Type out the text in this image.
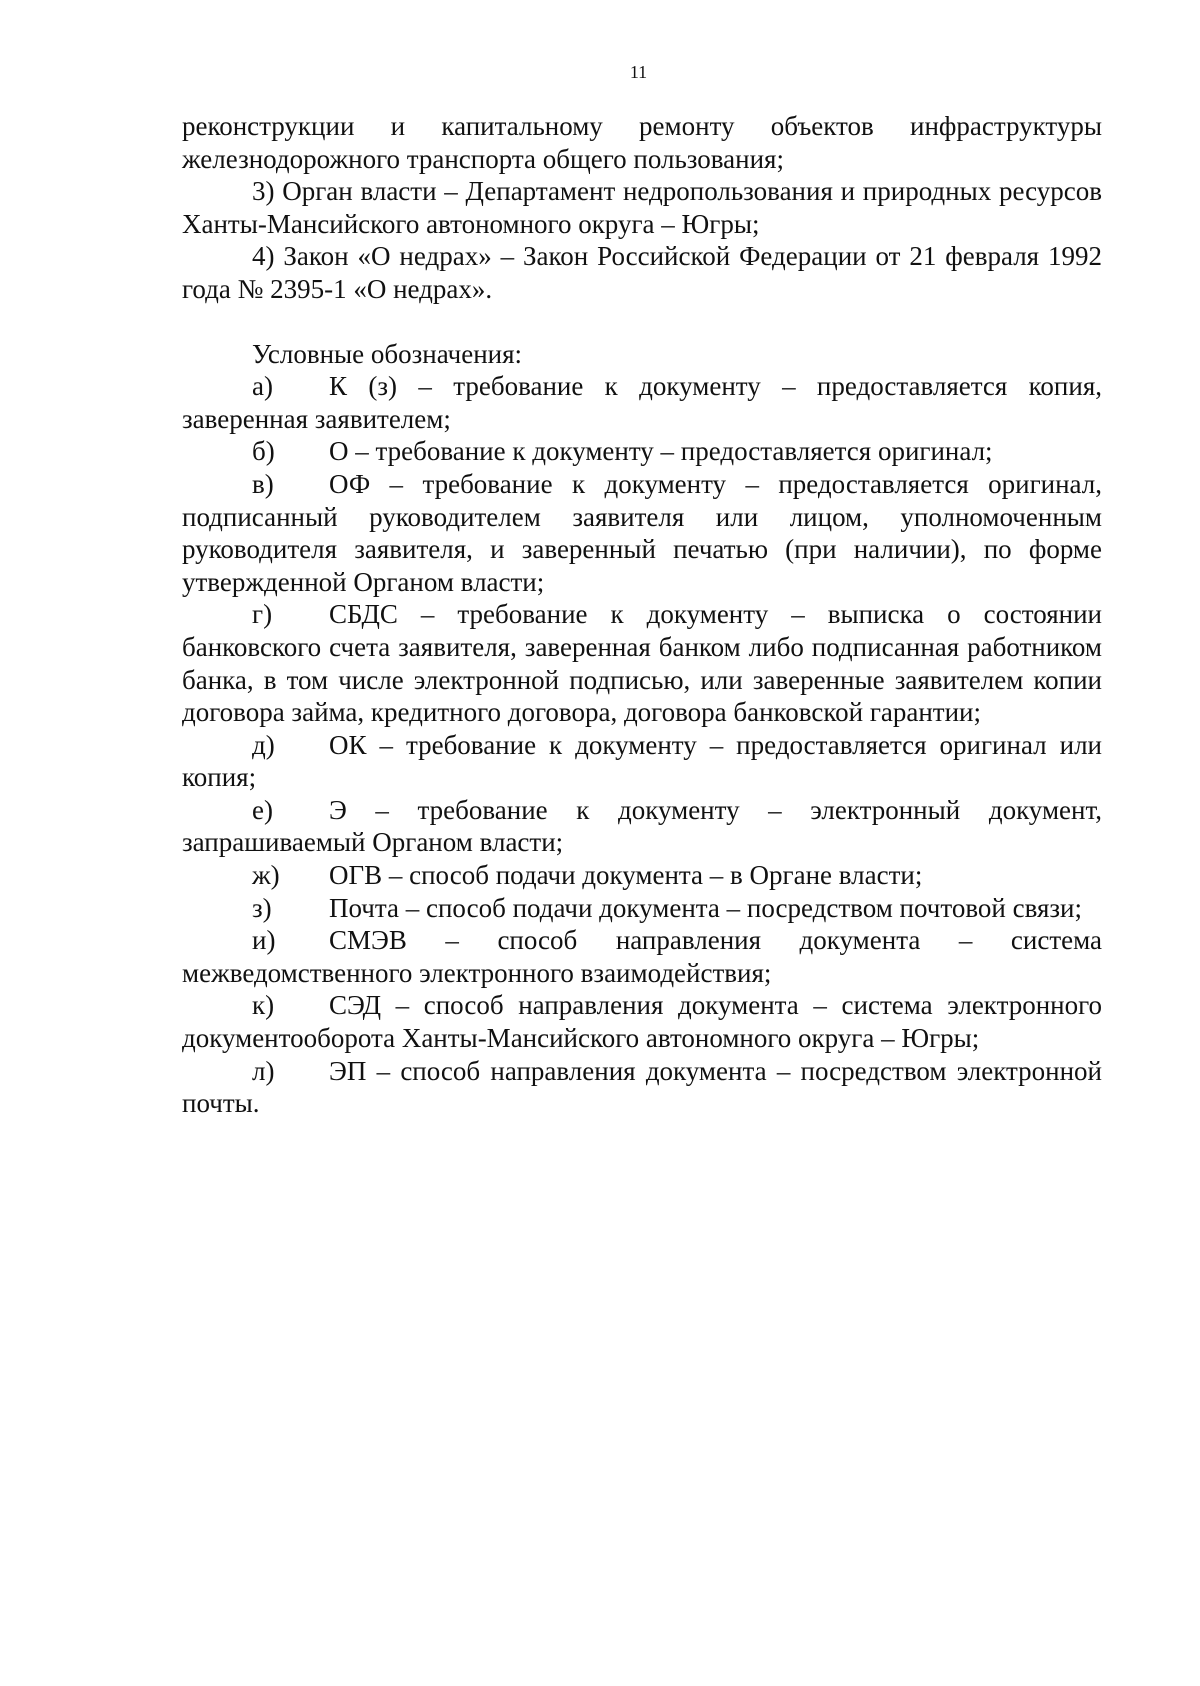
11

реконструкции и капитальному ремонту объектов инфраструктуры железнодорожного транспорта общего пользования;

3) Орган власти – Департамент недропользования и природных ресурсов Ханты-Мансийского автономного округа – Югры;

4) Закон «О недрах» – Закон Российской Федерации от 21 февраля 1992 года № 2395-1 «О недрах».

Условные обозначения:

а) К (з) – требование к документу – предоставляется копия, заверенная заявителем;

б) О – требование к документу – предоставляется оригинал;

в) ОФ – требование к документу – предоставляется оригинал, подписанный руководителем заявителя или лицом, уполномоченным руководителя заявителя, и заверенный печатью (при наличии), по форме утвержденной Органом власти;

г) СБДС – требование к документу – выписка о состоянии банковского счета заявителя, заверенная банком либо подписанная работником банка, в том числе электронной подписью, или заверенные заявителем копии договора займа, кредитного договора, договора банковской гарантии;

д) ОК – требование к документу – предоставляется оригинал или копия;

е) Э – требование к документу – электронный документ, запрашиваемый Органом власти;

ж) ОГВ – способ подачи документа – в Органе власти;

з) Почта – способ подачи документа – посредством почтовой связи;

и) СМЭВ – способ направления документа – система межведомственного электронного взаимодействия;

к) СЭД – способ направления документа – система электронного документооборота Ханты-Мансийского автономного округа – Югры;

л) ЭП – способ направления документа – посредством электронной почты.
